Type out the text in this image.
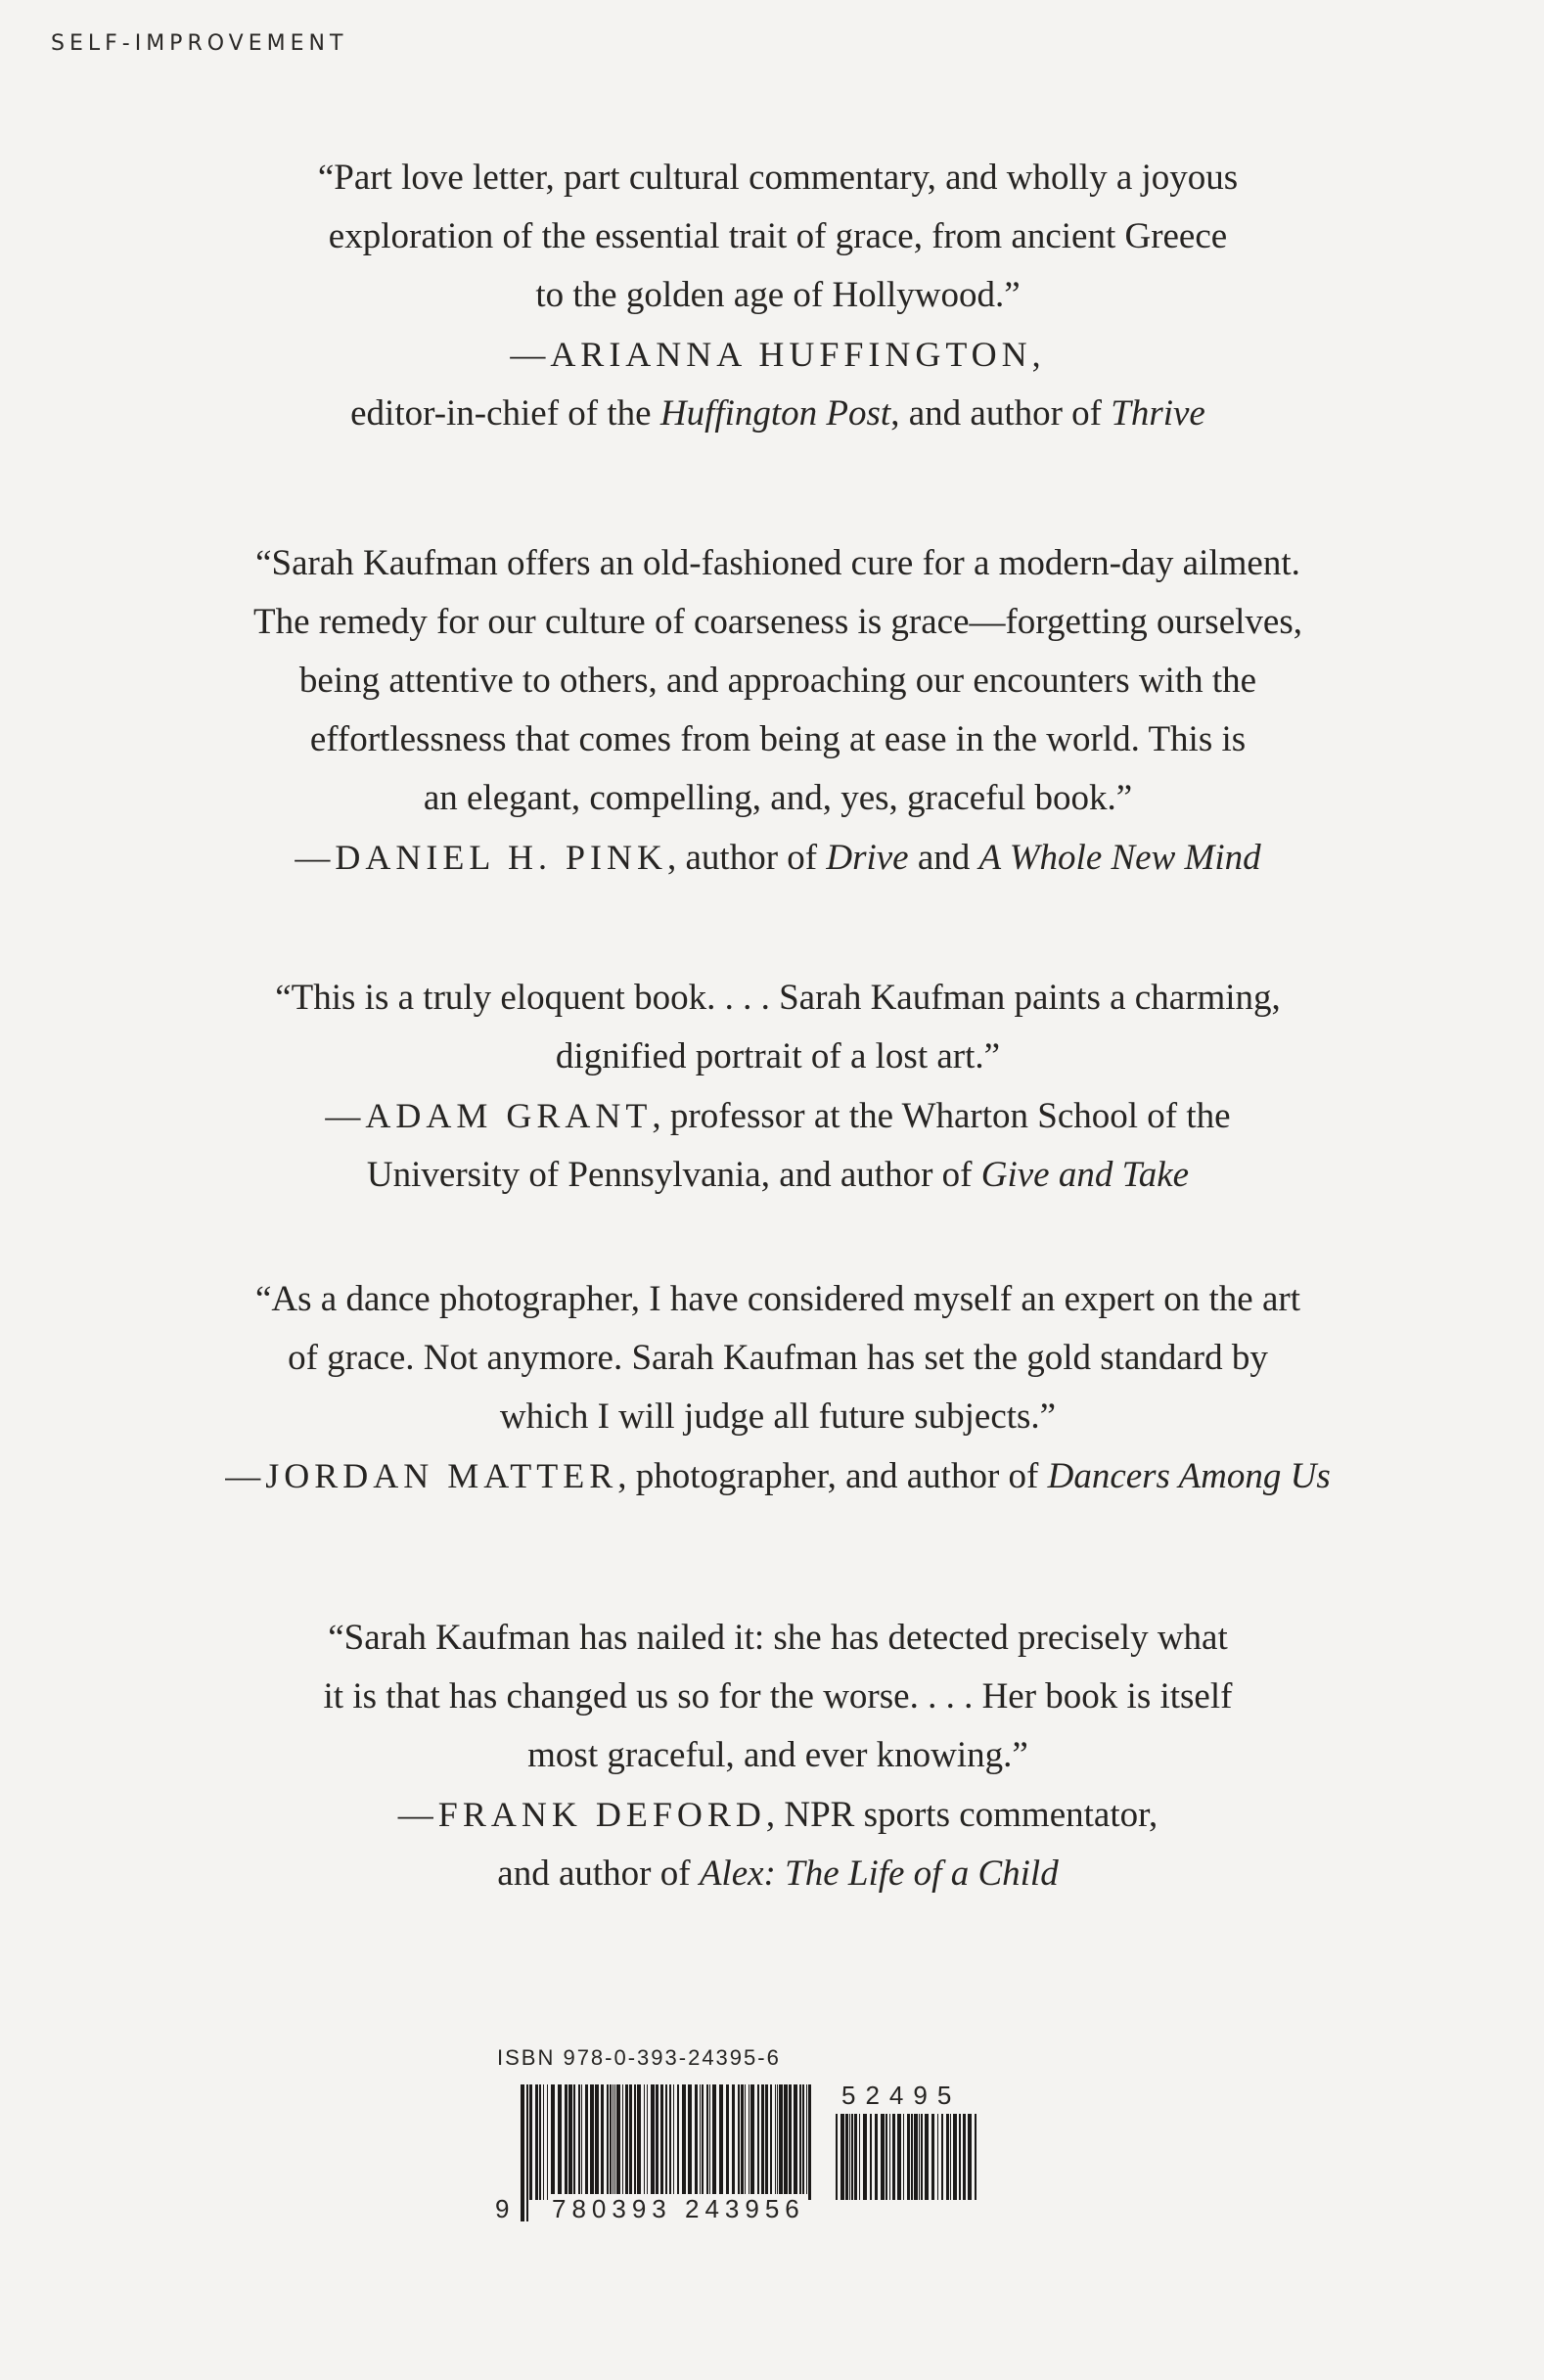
SELF-IMPROVEMENT
“Part love letter, part cultural commentary, and wholly a joyous
exploration of the essential trait of grace, from ancient Greece
to the golden age of Hollywood.”
—ARIANNA HUFFINGTON,
editor-in-chief of the Huffington Post, and author of Thrive
“Sarah Kaufman offers an old-fashioned cure for a modern-day ailment.
The remedy for our culture of coarseness is grace—forgetting ourselves,
being attentive to others, and approaching our encounters with the
effortlessness that comes from being at ease in the world. This is
an elegant, compelling, and, yes, graceful book.”
—DANIEL H. PINK, author of Drive and A Whole New Mind
“This is a truly eloquent book. . . . Sarah Kaufman paints a charming,
dignified portrait of a lost art.”
—ADAM GRANT, professor at the Wharton School of the
University of Pennsylvania, and author of Give and Take
“As a dance photographer, I have considered myself an expert on the art
of grace. Not anymore. Sarah Kaufman has set the gold standard by
which I will judge all future subjects.”
—JORDAN MATTER, photographer, and author of Dancers Among Us
“Sarah Kaufman has nailed it: she has detected precisely what
it is that has changed us so for the worse. . . . Her book is itself
most graceful, and ever knowing.”
—FRANK DEFORD, NPR sports commentator,
and author of Alex: The Life of a Child
ISBN 978-0-393-24395-6
52495
9 780393 243956
